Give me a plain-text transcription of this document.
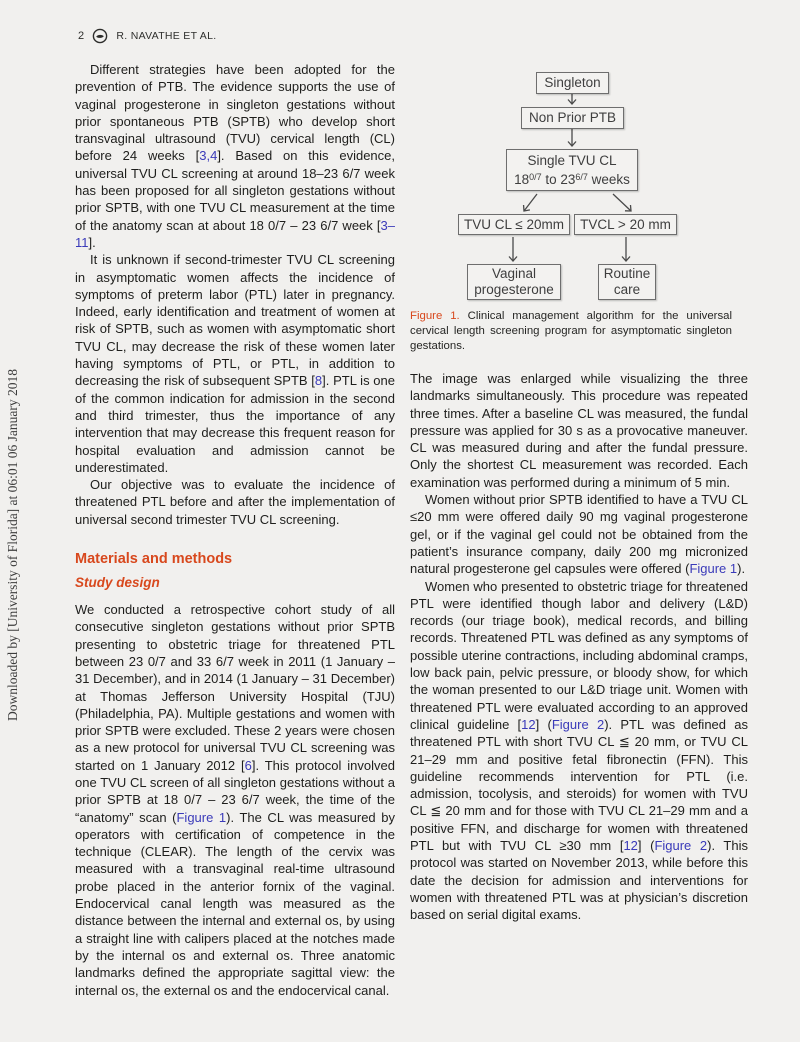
Downloaded by [University of Florida] at 06:01 06 January 2018
2	R. NAVATHE ET AL.

Different strategies have been adopted for the prevention of PTB. The evidence supports the use of vaginal progesterone in singleton gestations without prior spontaneous PTB (SPTB) who develop short transvaginal ultrasound (TVU) cervical length (CL) before 24 weeks [3,4]. Based on this evidence, universal TVU CL screening at around 18–23 6/7 week has been proposed for all singleton gestations without prior SPTB, with one TVU CL measurement at the time of the anatomy scan at about 18 0/7 – 23 6/7 week [3–11].

It is unknown if second-trimester TVU CL screening in asymptomatic women affects the incidence of symptoms of preterm labor (PTL) later in pregnancy. Indeed, early identification and treatment of women at risk of SPTB, such as women with asymptomatic short TVU CL, may decrease the risk of these women later having symptoms of PTL, or PTL, in addition to decreasing the risk of subsequent SPTB [8]. PTL is one of the common indication for admission in the second and third trimester, thus the importance of any intervention that may decrease this frequent reason for hospital evaluation and admission cannot be underestimated.

Our objective was to evaluate the incidence of threatened PTL before and after the implementation of universal second trimester TVU CL screening.

Materials and methods
Study design

We conducted a retrospective cohort study of all consecutive singleton gestations without prior SPTB presenting to obstetric triage for threatened PTL between 23 0/7 and 33 6/7 week in 2011 (1 January – 31 December), and in 2014 (1 January – 31 December) at Thomas Jefferson University Hospital (TJU) (Philadelphia, PA). Multiple gestations and women with prior SPTB were excluded. These 2 years were chosen as a new protocol for universal TVU CL screening was started on 1 January 2012 [6]. This protocol involved one TVU CL screen of all singleton gestations without a prior SPTB at 18 0/7 – 23 6/7 week, the time of the “anatomy” scan (Figure 1). The CL was measured by operators with certification of competence in the technique (CLEAR). The length of the cervix was measured with a transvaginal real-time ultrasound probe placed in the anterior fornix of the vaginal. Endocervical canal length was measured as the distance between the internal and external os, by using a straight line with calipers placed at the notches made by the internal os and external os. Three anatomic landmarks defined the appropriate sagittal view: the internal os, the external os and the endocervical canal.

Singleton
Non Prior PTB
Single TVU CL
$18^{0/7}$ to $23^{6/7}$ weeks
TVU CL ≤ 20mm	TVCL > 20 mm
Vaginal progesterone
Routine care
Figure 1. Clinical management algorithm for the universal cervical length screening program for asymptomatic singleton gestations.

The image was enlarged while visualizing the three landmarks simultaneously. This procedure was repeated three times. After a baseline CL was measured, the fundal pressure was applied for 30 s as a provocative maneuver. CL was measured during and after the fundal pressure. Only the shortest CL measurement was recorded. Each examination was performed during a minimum of 5 min.

Women without prior SPTB identified to have a TVU CL ≤20 mm were offered daily 90 mg vaginal progesterone gel, or if the vaginal gel could not be obtained from the patient’s insurance company, daily 200 mg micronized natural progesterone gel capsules were offered (Figure 1).

Women who presented to obstetric triage for threatened PTL were identified though labor and delivery (L&D) records (our triage book), medical records, and billing records. Threatened PTL was defined as any symptoms of possible uterine contractions, including abdominal cramps, low back pain, pelvic pressure, or bloody show, for which the woman presented to our L&D triage unit. Women with threatened PTL were evaluated according to an approved clinical guideline [12] (Figure 2). PTL was defined as threatened PTL with short TVU CL ≦ 20 mm, or TVU CL 21–29 mm and positive fetal fibronectin (FFN). This guideline recommends intervention for PTL (i.e. admission, tocolysis, and steroids) for women with TVU CL ≦ 20 mm and for those with TVU CL 21–29 mm and a positive FFN, and discharge for women with threatened PTL but with TVU CL ≥30 mm [12] (Figure 2). This protocol was started on November 2013, while before this date the decision for admission and interventions for women with threatened PTL was at physician’s discretion based on serial digital exams.
